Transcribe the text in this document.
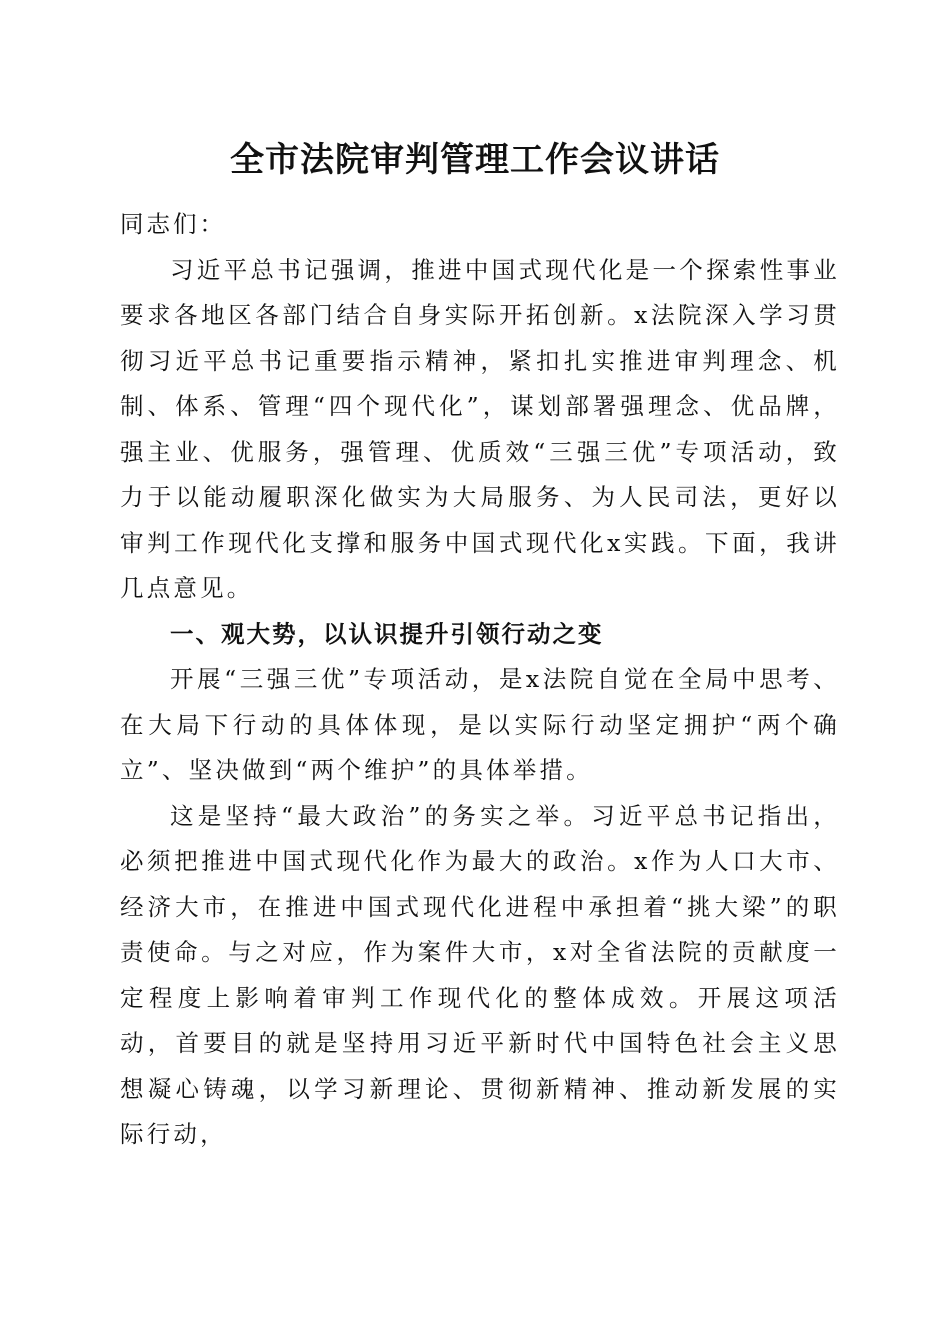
全市法院审判管理工作会议讲话

同志们：

习近平总书记强调，推进中国式现代化是一个探索性事业要求各地区各部门结合自身实际开拓创新。x法院深入学习贯彻习近平总书记重要指示精神，紧扣扎实推进审判理念、机制、体系、管理“四个现代化”，谋划部署强理念、优品牌，强主业、优服务，强管理、优质效“三强三优”专项活动，致力于以能动履职深化做实为大局服务、为人民司法，更好以审判工作现代化支撑和服务中国式现代化x实践。下面，我讲几点意见。

一、观大势，以认识提升引领行动之变

开展“三强三优”专项活动，是x法院自觉在全局中思考、在大局下行动的具体体现，是以实际行动坚定拥护“两个确立”、坚决做到“两个维护”的具体举措。

这是坚持“最大政治”的务实之举。习近平总书记指出，必须把推进中国式现代化作为最大的政治。x作为人口大市、经济大市，在推进中国式现代化进程中承担着“挑大梁”的职责使命。与之对应，作为案件大市，x对全省法院的贡献度一定程度上影响着审判工作现代化的整体成效。开展这项活动，首要目的就是坚持用习近平新时代中国特色社会主义思想凝心铸魂，以学习新理论、贯彻新精神、推动新发展的实际行动，
